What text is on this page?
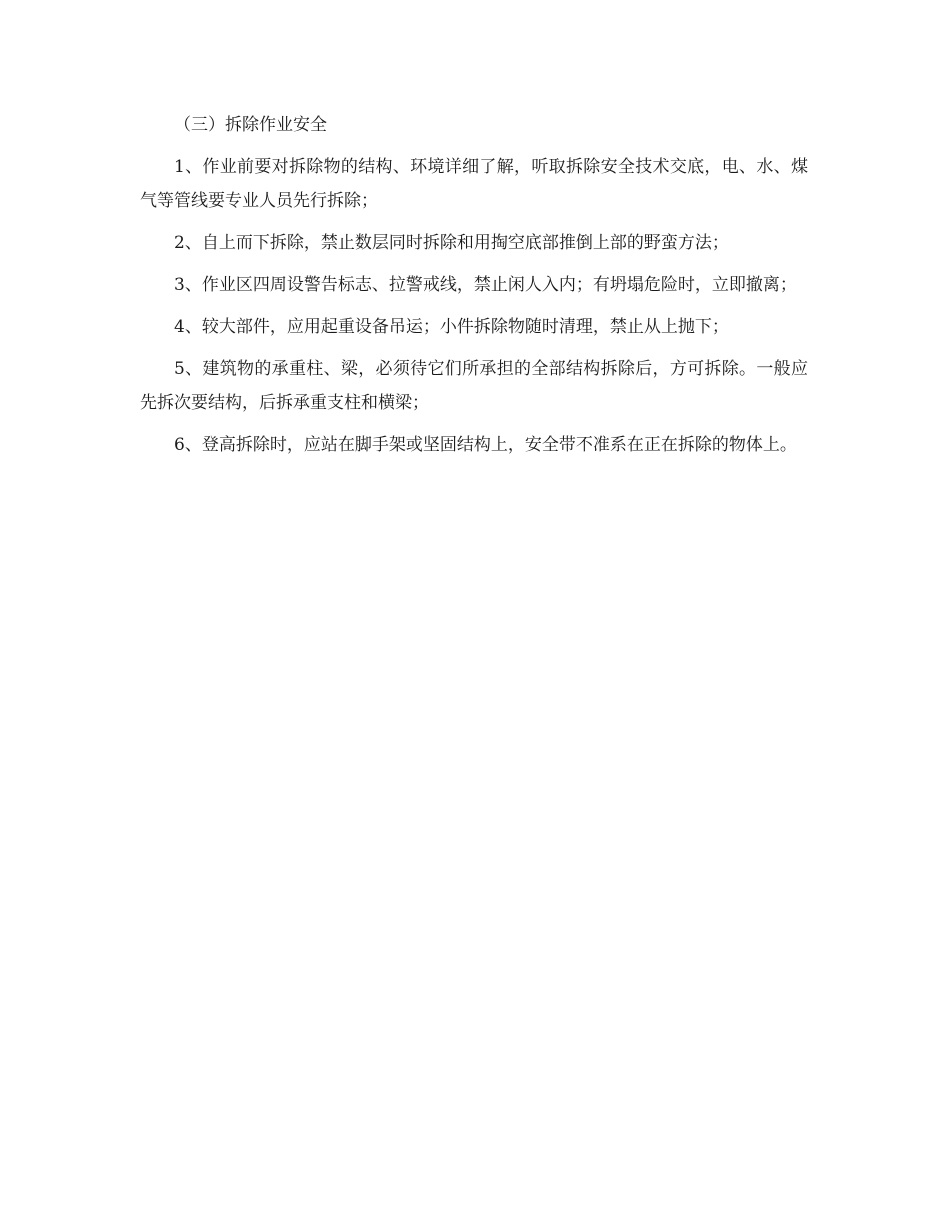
（三）拆除作业安全

1、作业前要对拆除物的结构、环境详细了解，听取拆除安全技术交底，电、水、煤气等管线要专业人员先行拆除；

2、自上而下拆除，禁止数层同时拆除和用掏空底部推倒上部的野蛮方法；

3、作业区四周设警告标志、拉警戒线，禁止闲人入内；有坍塌危险时，立即撤离；

4、较大部件，应用起重设备吊运；小件拆除物随时清理，禁止从上抛下；

5、建筑物的承重柱、梁，必须待它们所承担的全部结构拆除后，方可拆除。一般应先拆次要结构，后拆承重支柱和横梁；

6、登高拆除时，应站在脚手架或坚固结构上，安全带不准系在正在拆除的物体上。
